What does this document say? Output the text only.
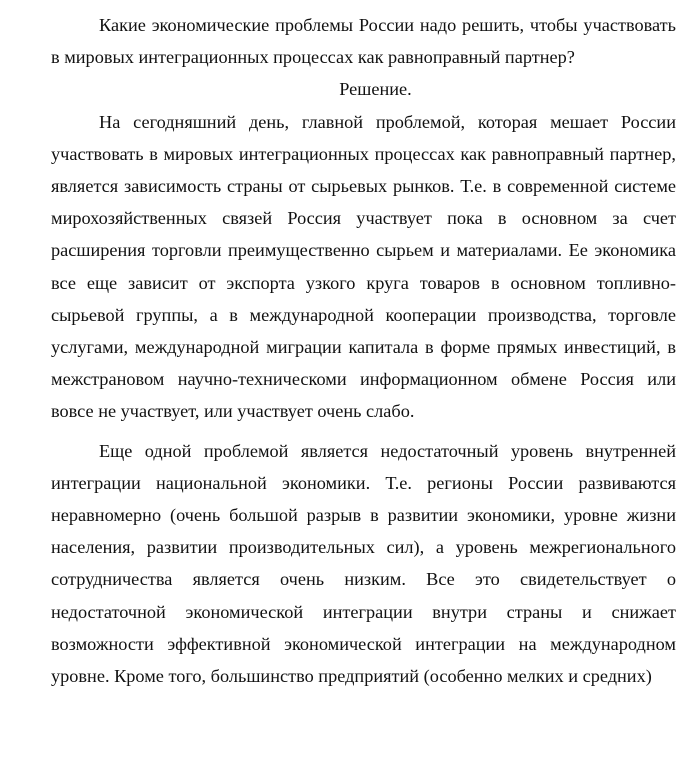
Какие экономические проблемы России надо решить, чтобы участвовать в мировых интеграционных процессах как равноправный партнер?

Решение.

На сегодняшний день, главной проблемой, которая мешает России участвовать в мировых интеграционных процессах как равноправный партнер, является зависимость страны от сырьевых рынков. Т.е. в современной системе мирохозяйственных связей Россия участвует пока в основном за счет расширения торговли преимущественно сырьем и материалами. Ее экономика все еще зависит от экспорта узкого круга товаров в основном топливно-сырьевой группы, а в международной кооперации производства, торговле услугами, международной миграции капитала в форме прямых инвестиций, в межстрановом научно-техническоми информационном обмене Россия или вовсе не участвует, или участвует очень слабо.

Еще одной проблемой является недостаточный уровень внутренней интеграции национальной экономики. Т.е. регионы России развиваются неравномерно (очень большой разрыв в развитии экономики, уровне жизни населения, развитии производительных сил), а уровень межрегионального сотрудничества является очень низким. Все это свидетельствует о недостаточной экономической интеграции внутри страны и снижает возможности эффективной экономической интеграции на международном уровне. Кроме того, большинство предприятий (особенно мелких и средних)
